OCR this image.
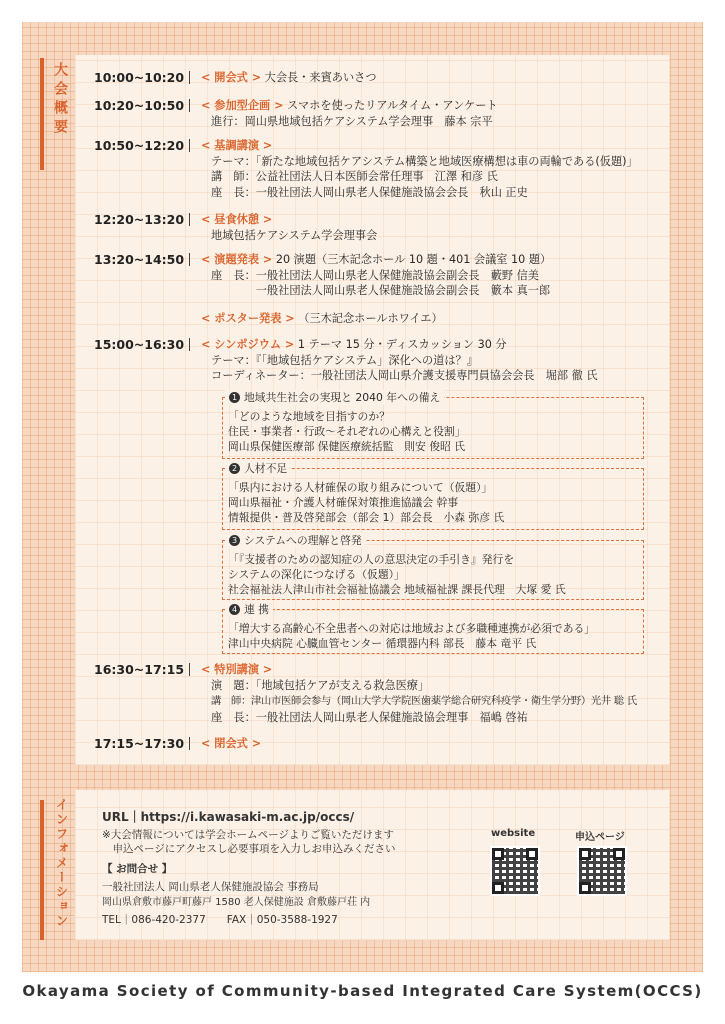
大会概要
インフォメーション
10:00~10:20 < 開会式 > 大会長・来賓あいさつ
10:20~10:50 < 参加型企画 > スマホを使ったリアルタイム・アンケート
進行：岡山県地域包括ケアシステム学会理事　藤本 宗平
10:50~12:20 < 基調講演 >
テーマ：「新たな地域包括ケアシステム構築と地域医療構想は車の両輪である(仮題)」
講　師：公益社団法人日本医師会常任理事　江澤 和彦 氏
座　長：一般社団法人岡山県老人保健施設協会会長　秋山 正史
12:20~13:20 < 昼食休憩 >
地域包括ケアシステム学会理事会
13:20~14:50 < 演題発表 > 20 演題（三木記念ホール 10 題・401 会議室 10 題）
座　長：一般社団法人岡山県老人保健施設協会副会長　藪野 信美
　　　　一般社団法人岡山県老人保健施設協会副会長　籔本 真一郎
< ポスター発表 > （三木記念ホールホワイエ）
15:00~16:30 < シンポジウム > 1 テーマ 15 分・ディスカッション 30 分
テーマ：『「地域包括ケアシステム」深化への道は？』
コーディネーター：一般社団法人岡山県介護支援専門員協会会長　堀部 徹 氏
1 地域共生社会の実現と 2040 年への備え
「どのような地域を目指すのか？
住民・事業者・行政～それぞれの心構えと役割」
岡山県保健医療部 保健医療統括監　則安 俊昭 氏
2 人材不足
「県内における人材確保の取り組みについて（仮題）」
岡山県福祉・介護人材確保対策推進協議会 幹事
情報提供・普及啓発部会（部会 1）部会長　小森 弥彦 氏
3 システムへの理解と啓発
「『支援者のための認知症の人の意思決定の手引き』発行を
システムの深化につなげる（仮題）」
社会福祉法人津山市社会福祉協議会 地域福祉課 課長代理　大塚 愛 氏
4 連 携
「増大する高齢心不全患者への対応は地域および多職種連携が必須である」
津山中央病院 心臓血管センター 循環器内科 部長　藤本 竜平 氏
16:30~17:15 < 特別講演 >
演　題：「地域包括ケアが支える救急医療」
講　師：津山市医師会参与（岡山大学大学院医歯薬学総合研究科疫学・衛生学分野）光井 聡 氏
座　長：一般社団法人岡山県老人保健施設協会理事　福嶋 啓祐
17:15~17:30 < 閉会式 >
URL｜https://i.kawasaki-m.ac.jp/occs/
※大会情報については学会ホームページよりご覧いただけます
　申込ページにアクセスし必要事項を入力しお申込みください
【 お問合せ 】
一般社団法人 岡山県老人保健施設協会 事務局
岡山県倉敷市藤戸町藤戸 1580 老人保健施設 倉敷藤戸荘 内
TEL｜086-420-2377　　FAX｜050-3588-1927
website	申込ページ
Okayama Society of Community-based Integrated Care System(OCCS)
